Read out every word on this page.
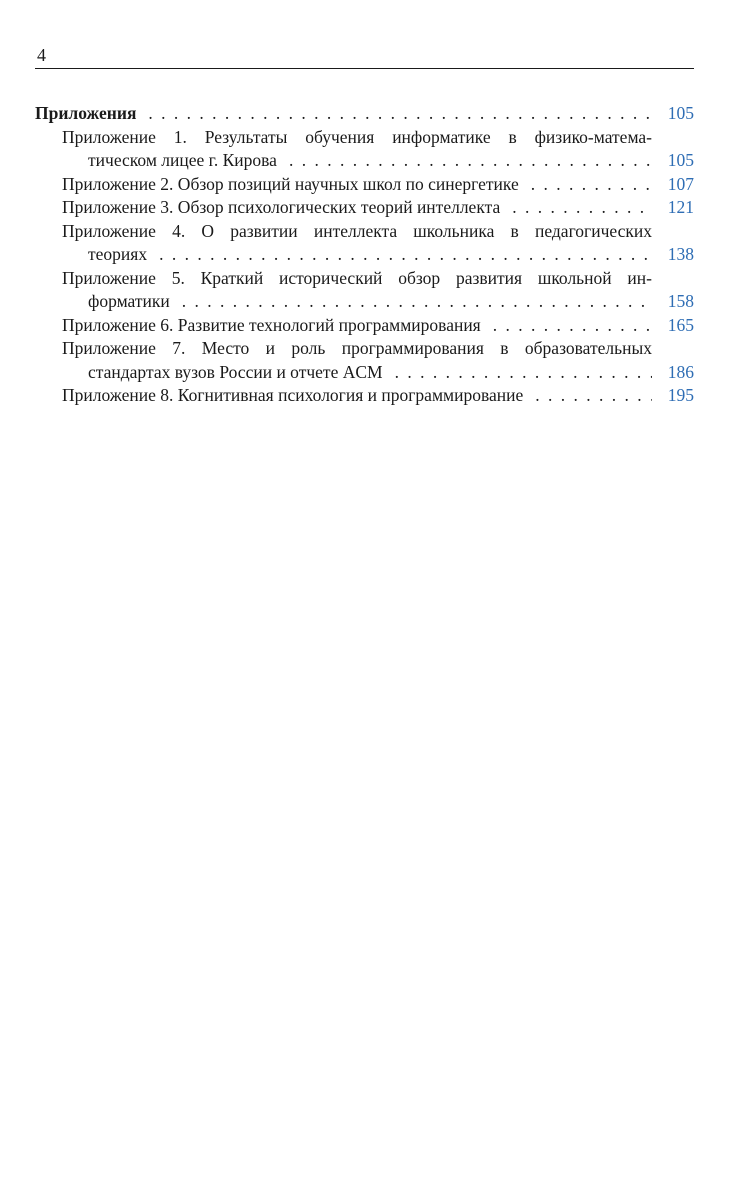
4
Приложения . . .	105
Приложение 1. Результаты обучения информатике в физико-матема-
тическом лицее г. Кирова . . .	105
Приложение 2. Обзор позиций научных школ по синергетике . . .	107
Приложение 3. Обзор психологических теорий интеллекта . . .	121
Приложение 4. О развитии интеллекта школьника в педагогических
теориях . . .	138
Приложение 5. Краткий исторический обзор развития школьной ин-
форматики . . .	158
Приложение 6. Развитие технологий программирования . . .	165
Приложение 7. Место и роль программирования в образовательных
стандартах вузов России и отчете ACM . . .	186
Приложение 8. Когнитивная психология и программирование . . .	195
